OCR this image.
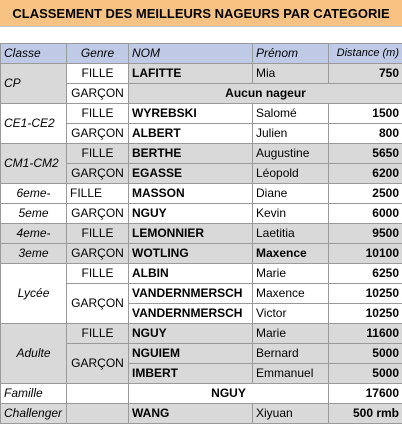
CLASSEMENT DES MEILLEURS NAGEURS PAR CATEGORIE
Classe	Genre	NOM	Prénom	Distance (m)
CP	FILLE	LAFITTE	Mia	750
	GARÇON	Aucun nageur		
CE1-CE2	FILLE	WYREBSKI	Salomé	1500
	GARÇON	ALBERT	Julien	800
CM1-CM2	FILLE	BERTHE	Augustine	5650
	GARÇON	EGASSE	Léopold	6200
6eme-	FILLE	MASSON	Diane	2500
5eme	GARÇON	NGUY	Kevin	6000
4eme-	FILLE	LEMONNIER	Laetitia	9500
3eme	GARÇON	WOTLING	Maxence	10100
Lycée	FILLE	ALBIN	Marie	6250
	GARÇON	VANDERNMERSCH	Maxence	10250
		VANDERNMERSCH	Victor	10250
Adulte	FILLE	NGUY	Marie	11600
	GARÇON	NGUIEM	Bernard	5000
		IMBERT	Emmanuel	5000
Famille		NGUY		17600
Challenger		WANG	Xiyuan	500 rmb
